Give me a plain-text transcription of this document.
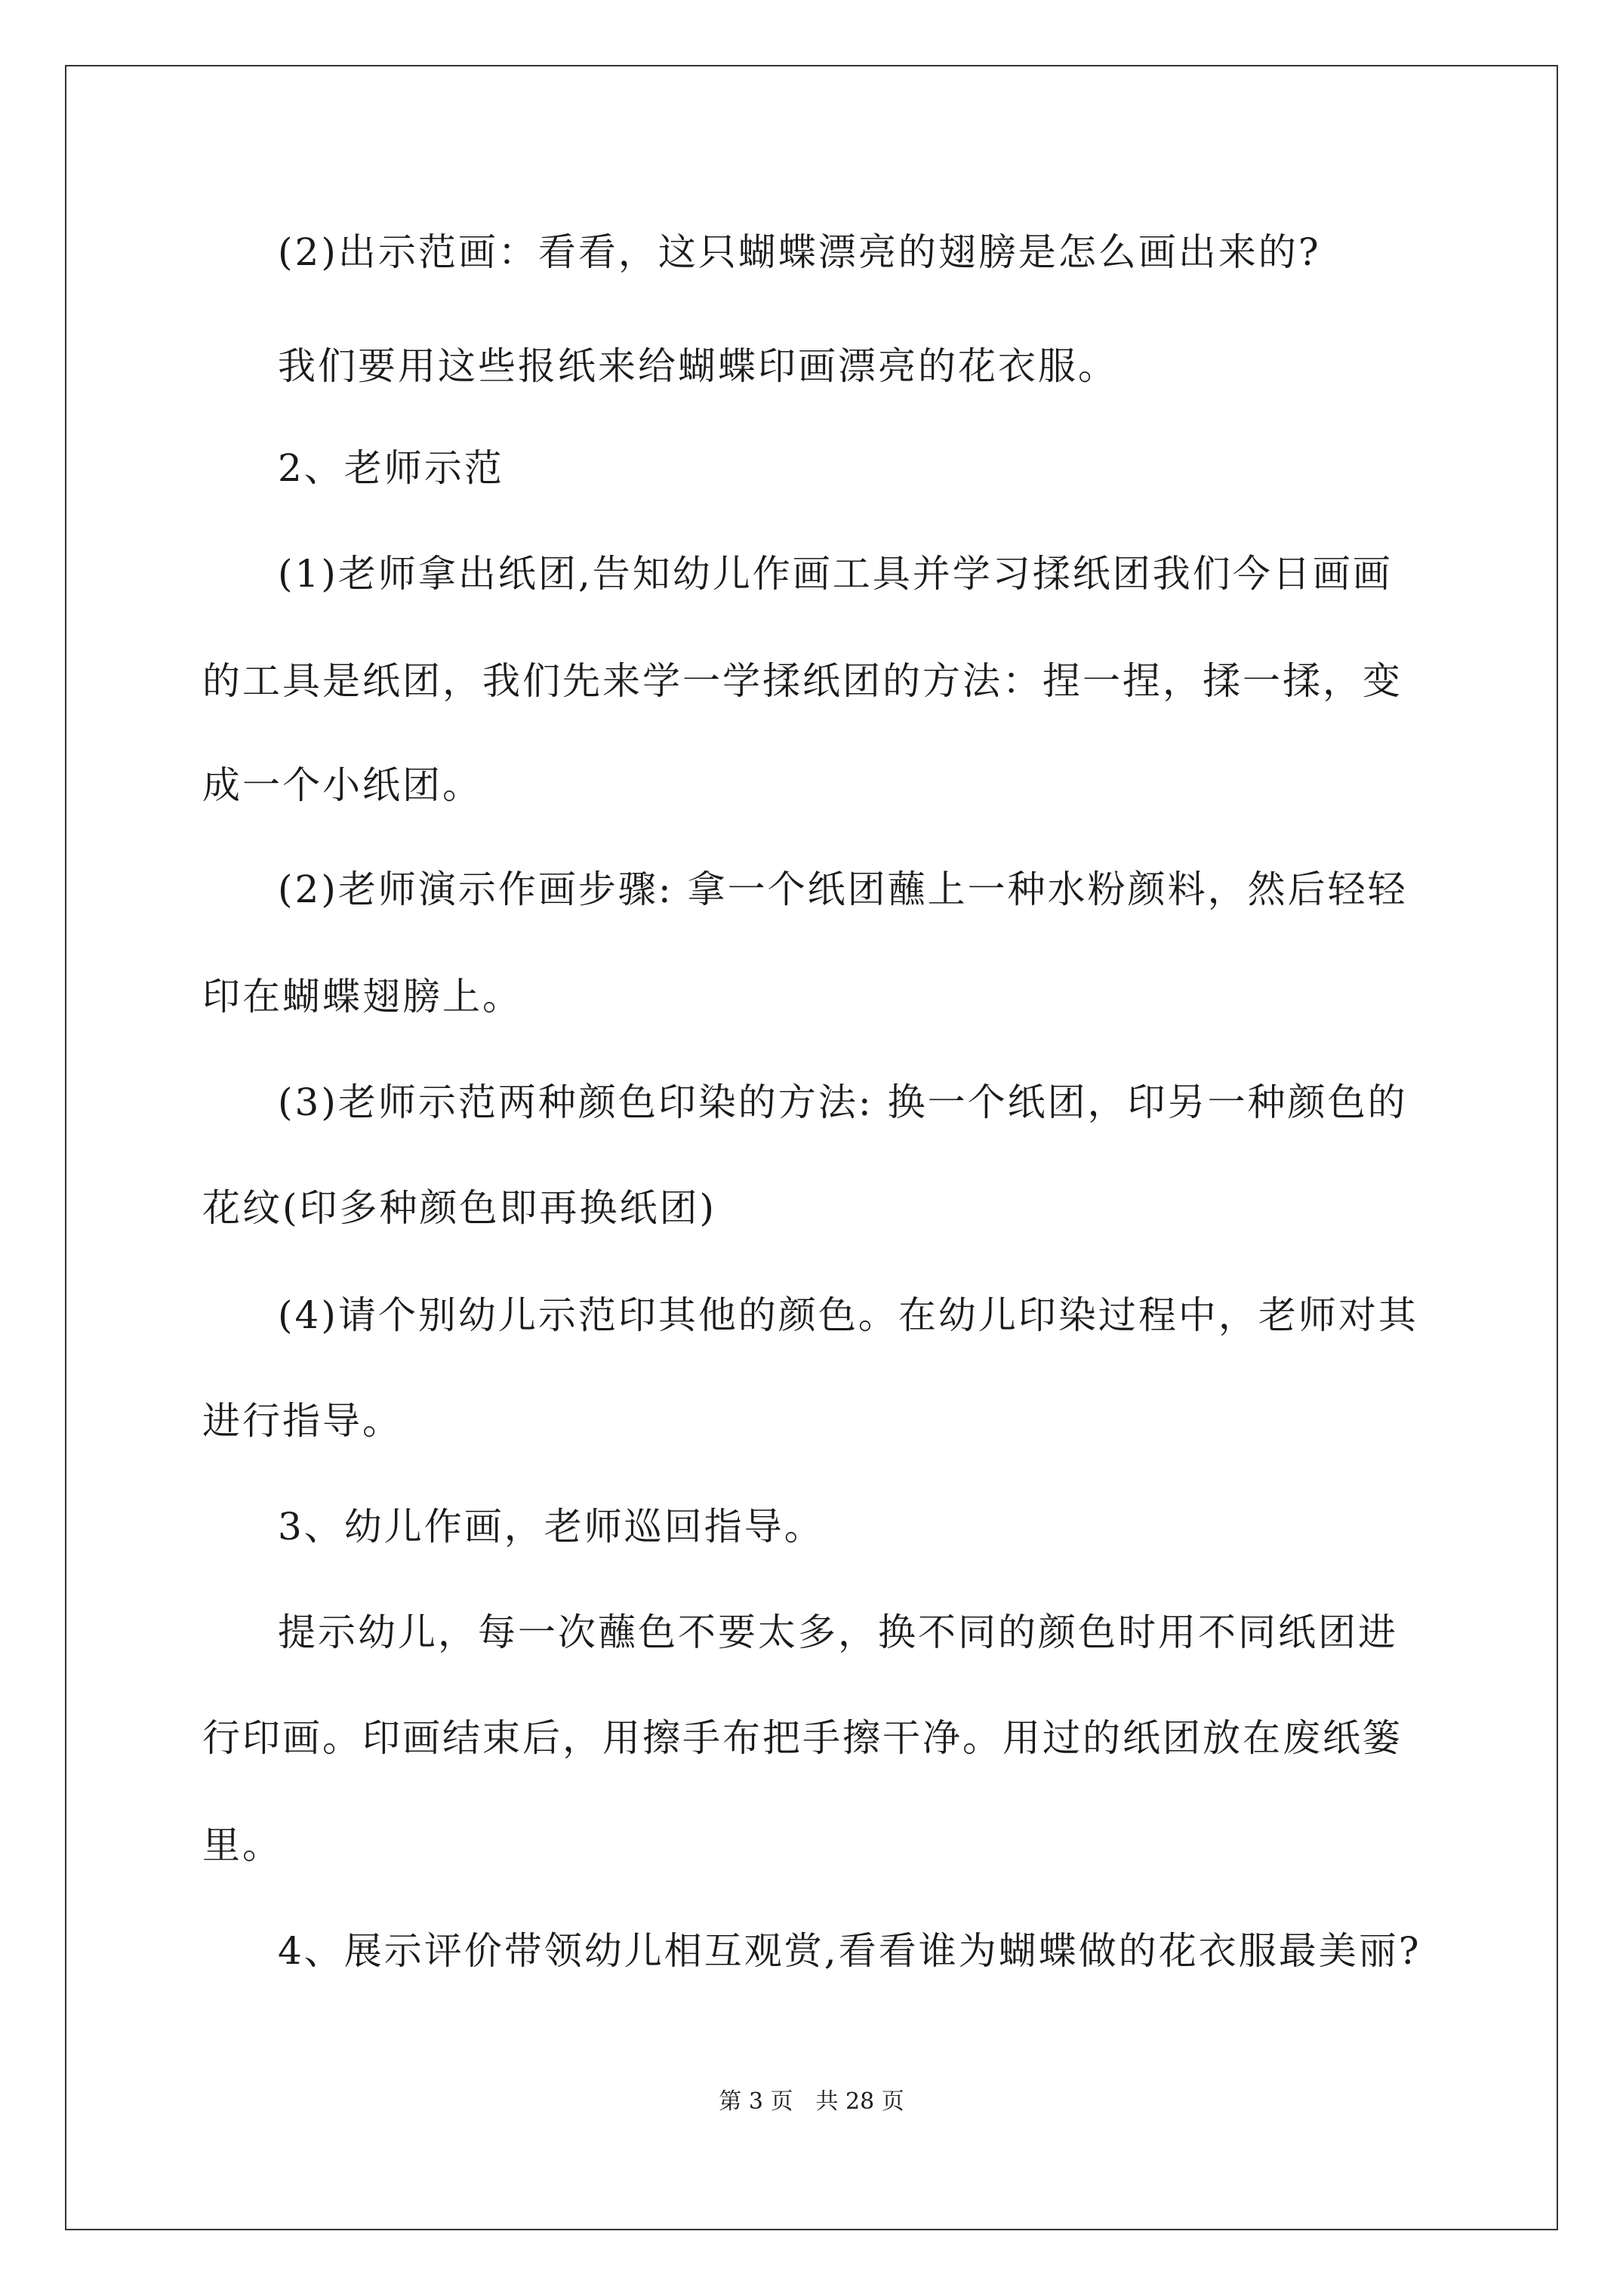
(2)出示范画：看看，这只蝴蝶漂亮的翅膀是怎么画出来的?
我们要用这些报纸来给蝴蝶印画漂亮的花衣服。
2、老师示范
(1)老师拿出纸团,告知幼儿作画工具并学习揉纸团我们今日画画
的工具是纸团，我们先来学一学揉纸团的方法：捏一捏，揉一揉，变
成一个小纸团。
(2)老师演示作画步骤: 拿一个纸团蘸上一种水粉颜料，然后轻轻
印在蝴蝶翅膀上。
(3)老师示范两种颜色印染的方法: 换一个纸团，印另一种颜色的
花纹(印多种颜色即再换纸团)
(4)请个别幼儿示范印其他的颜色。在幼儿印染过程中，老师对其
进行指导。
3、幼儿作画，老师巡回指导。
提示幼儿，每一次蘸色不要太多，换不同的颜色时用不同纸团进
行印画。印画结束后，用擦手布把手擦干净。用过的纸团放在废纸篓
里。
4、展示评价带领幼儿相互观赏,看看谁为蝴蝶做的花衣服最美丽?
第 3 页　共 28 页
